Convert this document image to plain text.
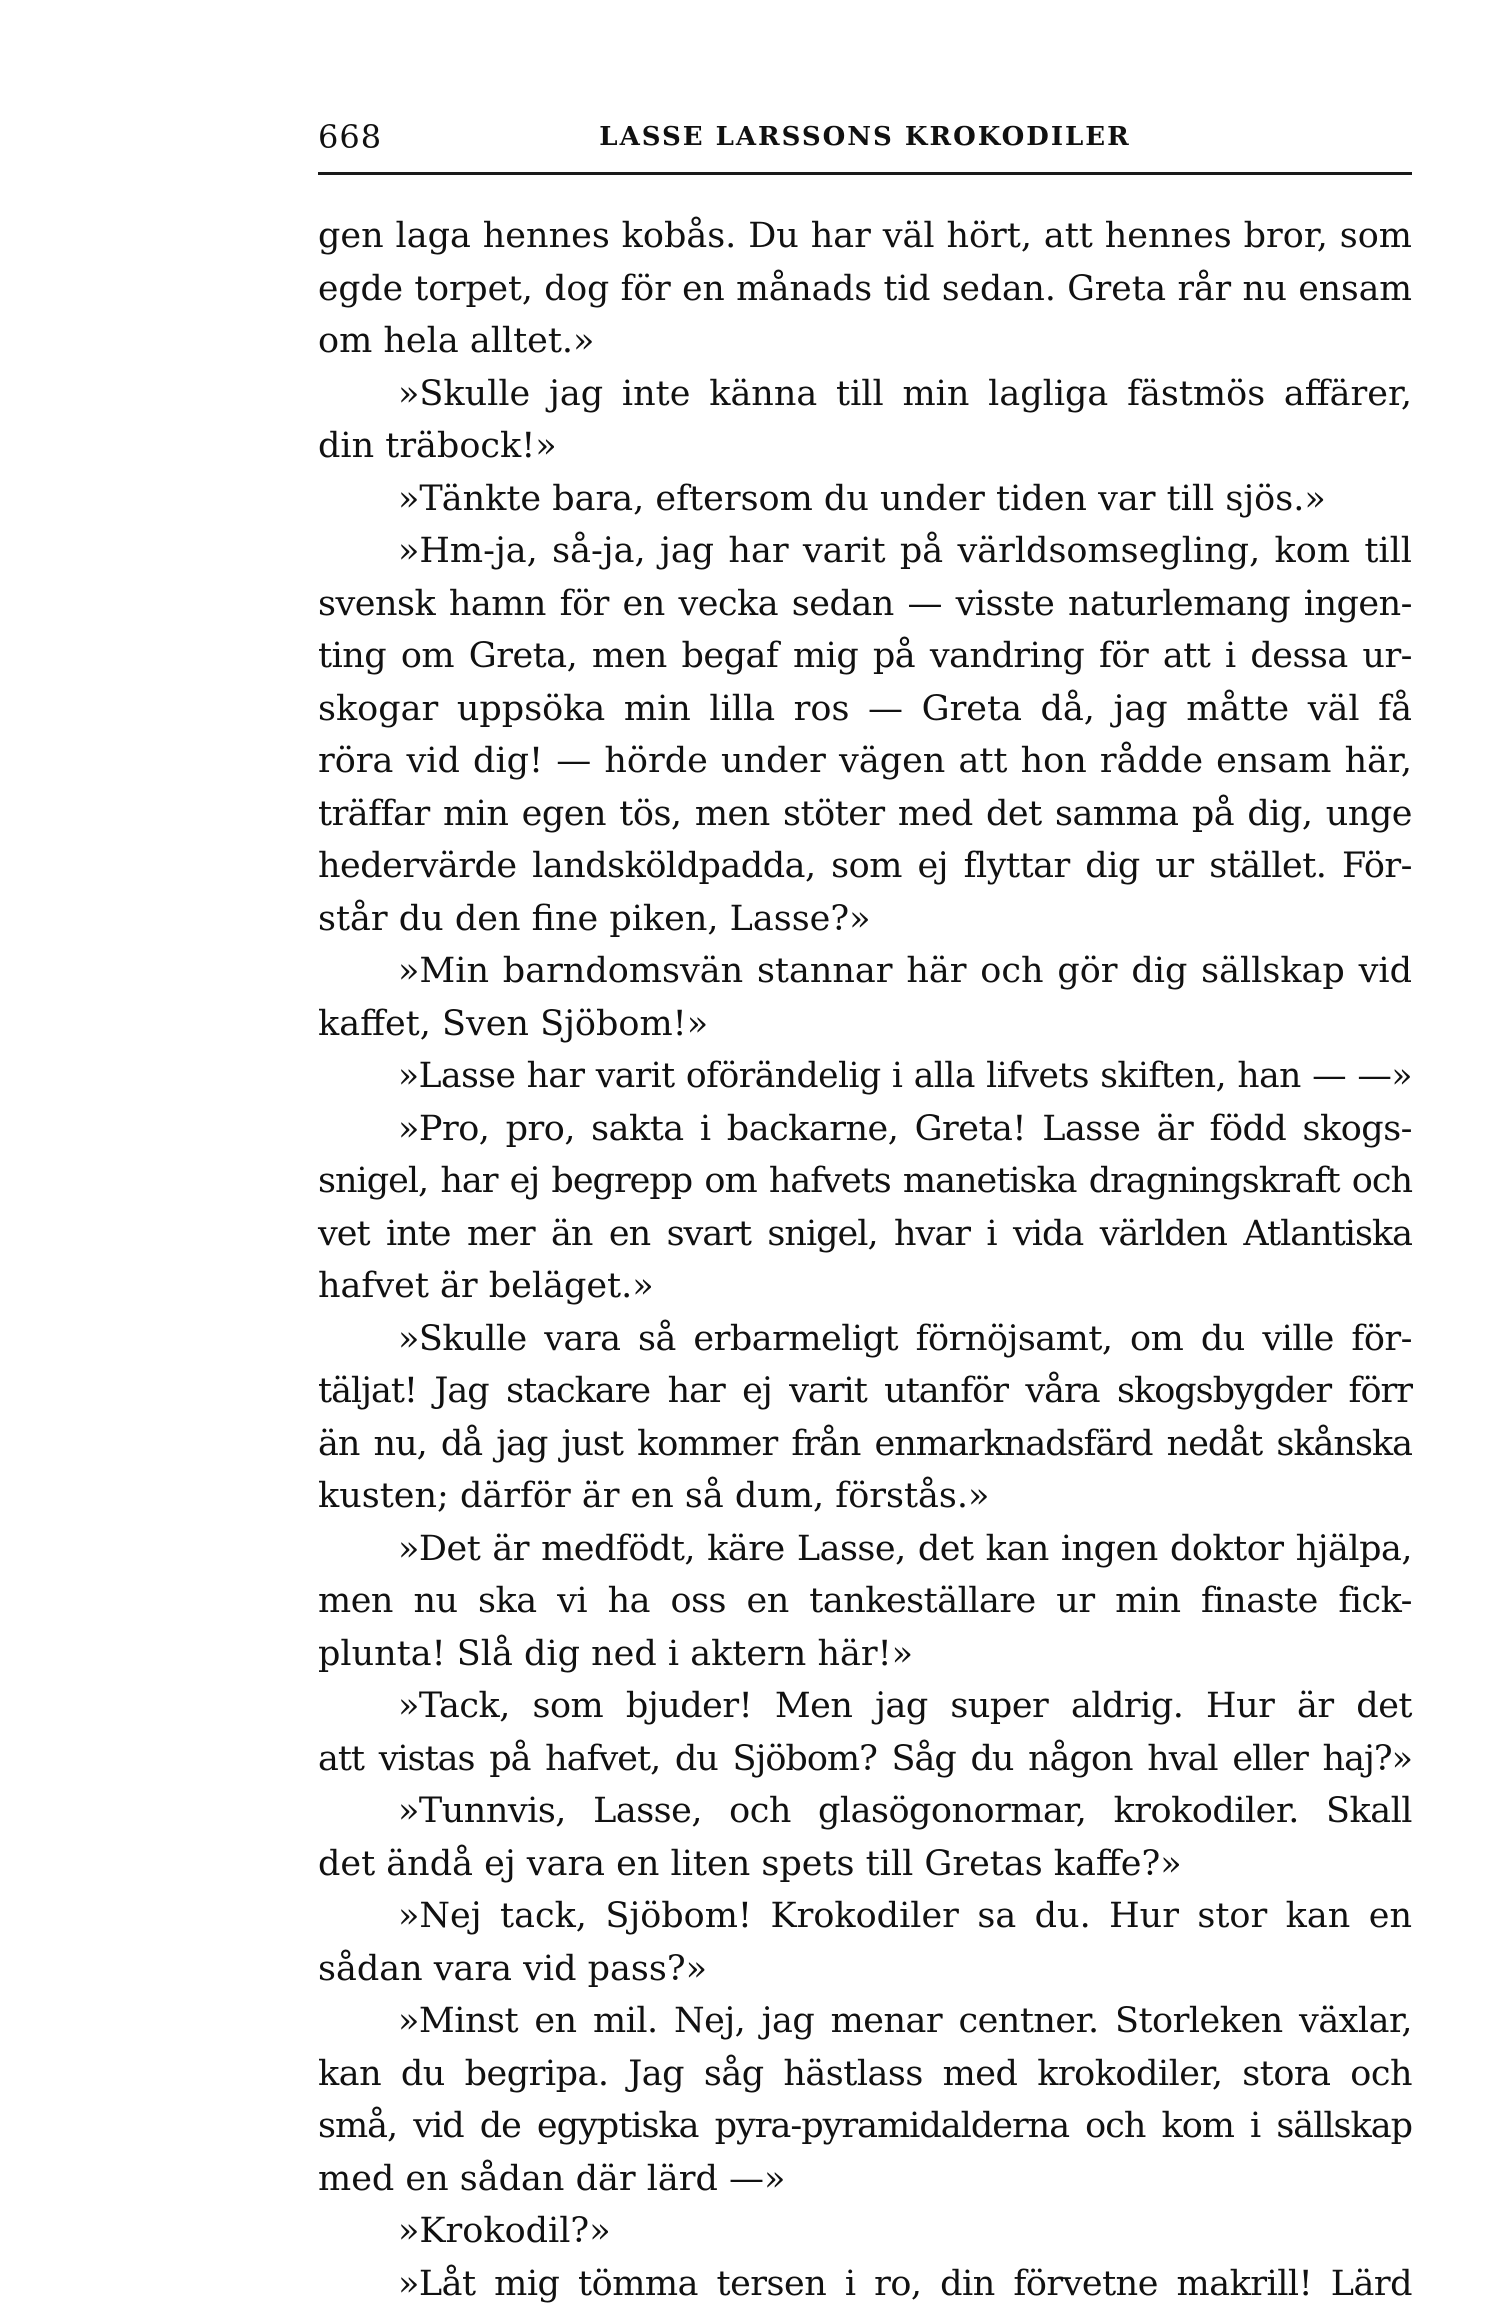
668	LASSE LARSSONS KROKODILER
gen laga hennes kobås. Du har väl hört, att hennes bror, som
egde torpet, dog för en månads tid sedan. Greta rår nu ensam
om hela alltet.»
»Skulle jag inte känna till min lagliga fästmös affärer,
din träbock!»
»Tänkte bara, eftersom du under tiden var till sjös.»
»Hm-ja, så-ja, jag har varit på världsomsegling, kom till
svensk hamn för en vecka sedan — visste naturlemang ingen-
ting om Greta, men begaf mig på vandring för att i dessa ur-
skogar uppsöka min lilla ros — Greta då, jag måtte väl få
röra vid dig! — hörde under vägen att hon rådde ensam här,
träffar min egen tös, men stöter med det samma på dig, unge
hedervärde landsköldpadda, som ej flyttar dig ur stället. För-
står du den fine piken, Lasse?»
»Min barndomsvän stannar här och gör dig sällskap vid
kaffet, Sven Sjöbom!»
»Lasse har varit oförändelig i alla lifvets skiften, han — —»
»Pro, pro, sakta i backarne, Greta! Lasse är född skogs-
snigel, har ej begrepp om hafvets manetiska dragningskraft och
vet inte mer än en svart snigel, hvar i vida världen Atlantiska
hafvet är beläget.»
»Skulle vara så erbarmeligt förnöjsamt, om du ville för-
täljat! Jag stackare har ej varit utanför våra skogsbygder förr
än nu, då jag just kommer från enmarknadsfärd nedåt skånska
kusten; därför är en så dum, förstås.»
»Det är medfödt, käre Lasse, det kan ingen doktor hjälpa,
men nu ska vi ha oss en tankeställare ur min finaste fick-
plunta! Slå dig ned i aktern här!»
»Tack, som bjuder! Men jag super aldrig. Hur är det
att vistas på hafvet, du Sjöbom? Såg du någon hval eller haj?»
»Tunnvis, Lasse, och glasögonormar, krokodiler. Skall
det ändå ej vara en liten spets till Gretas kaffe?»
»Nej tack, Sjöbom! Krokodiler sa du. Hur stor kan en
sådan vara vid pass?»
»Minst en mil. Nej, jag menar centner. Storleken växlar,
kan du begripa. Jag såg hästlass med krokodiler, stora och
små, vid de egyptiska pyra-pyramidalderna och kom i sällskap
med en sådan där lärd —»
»Krokodil?»
»Låt mig tömma tersen i ro, din förvetne makrill! Lärd
